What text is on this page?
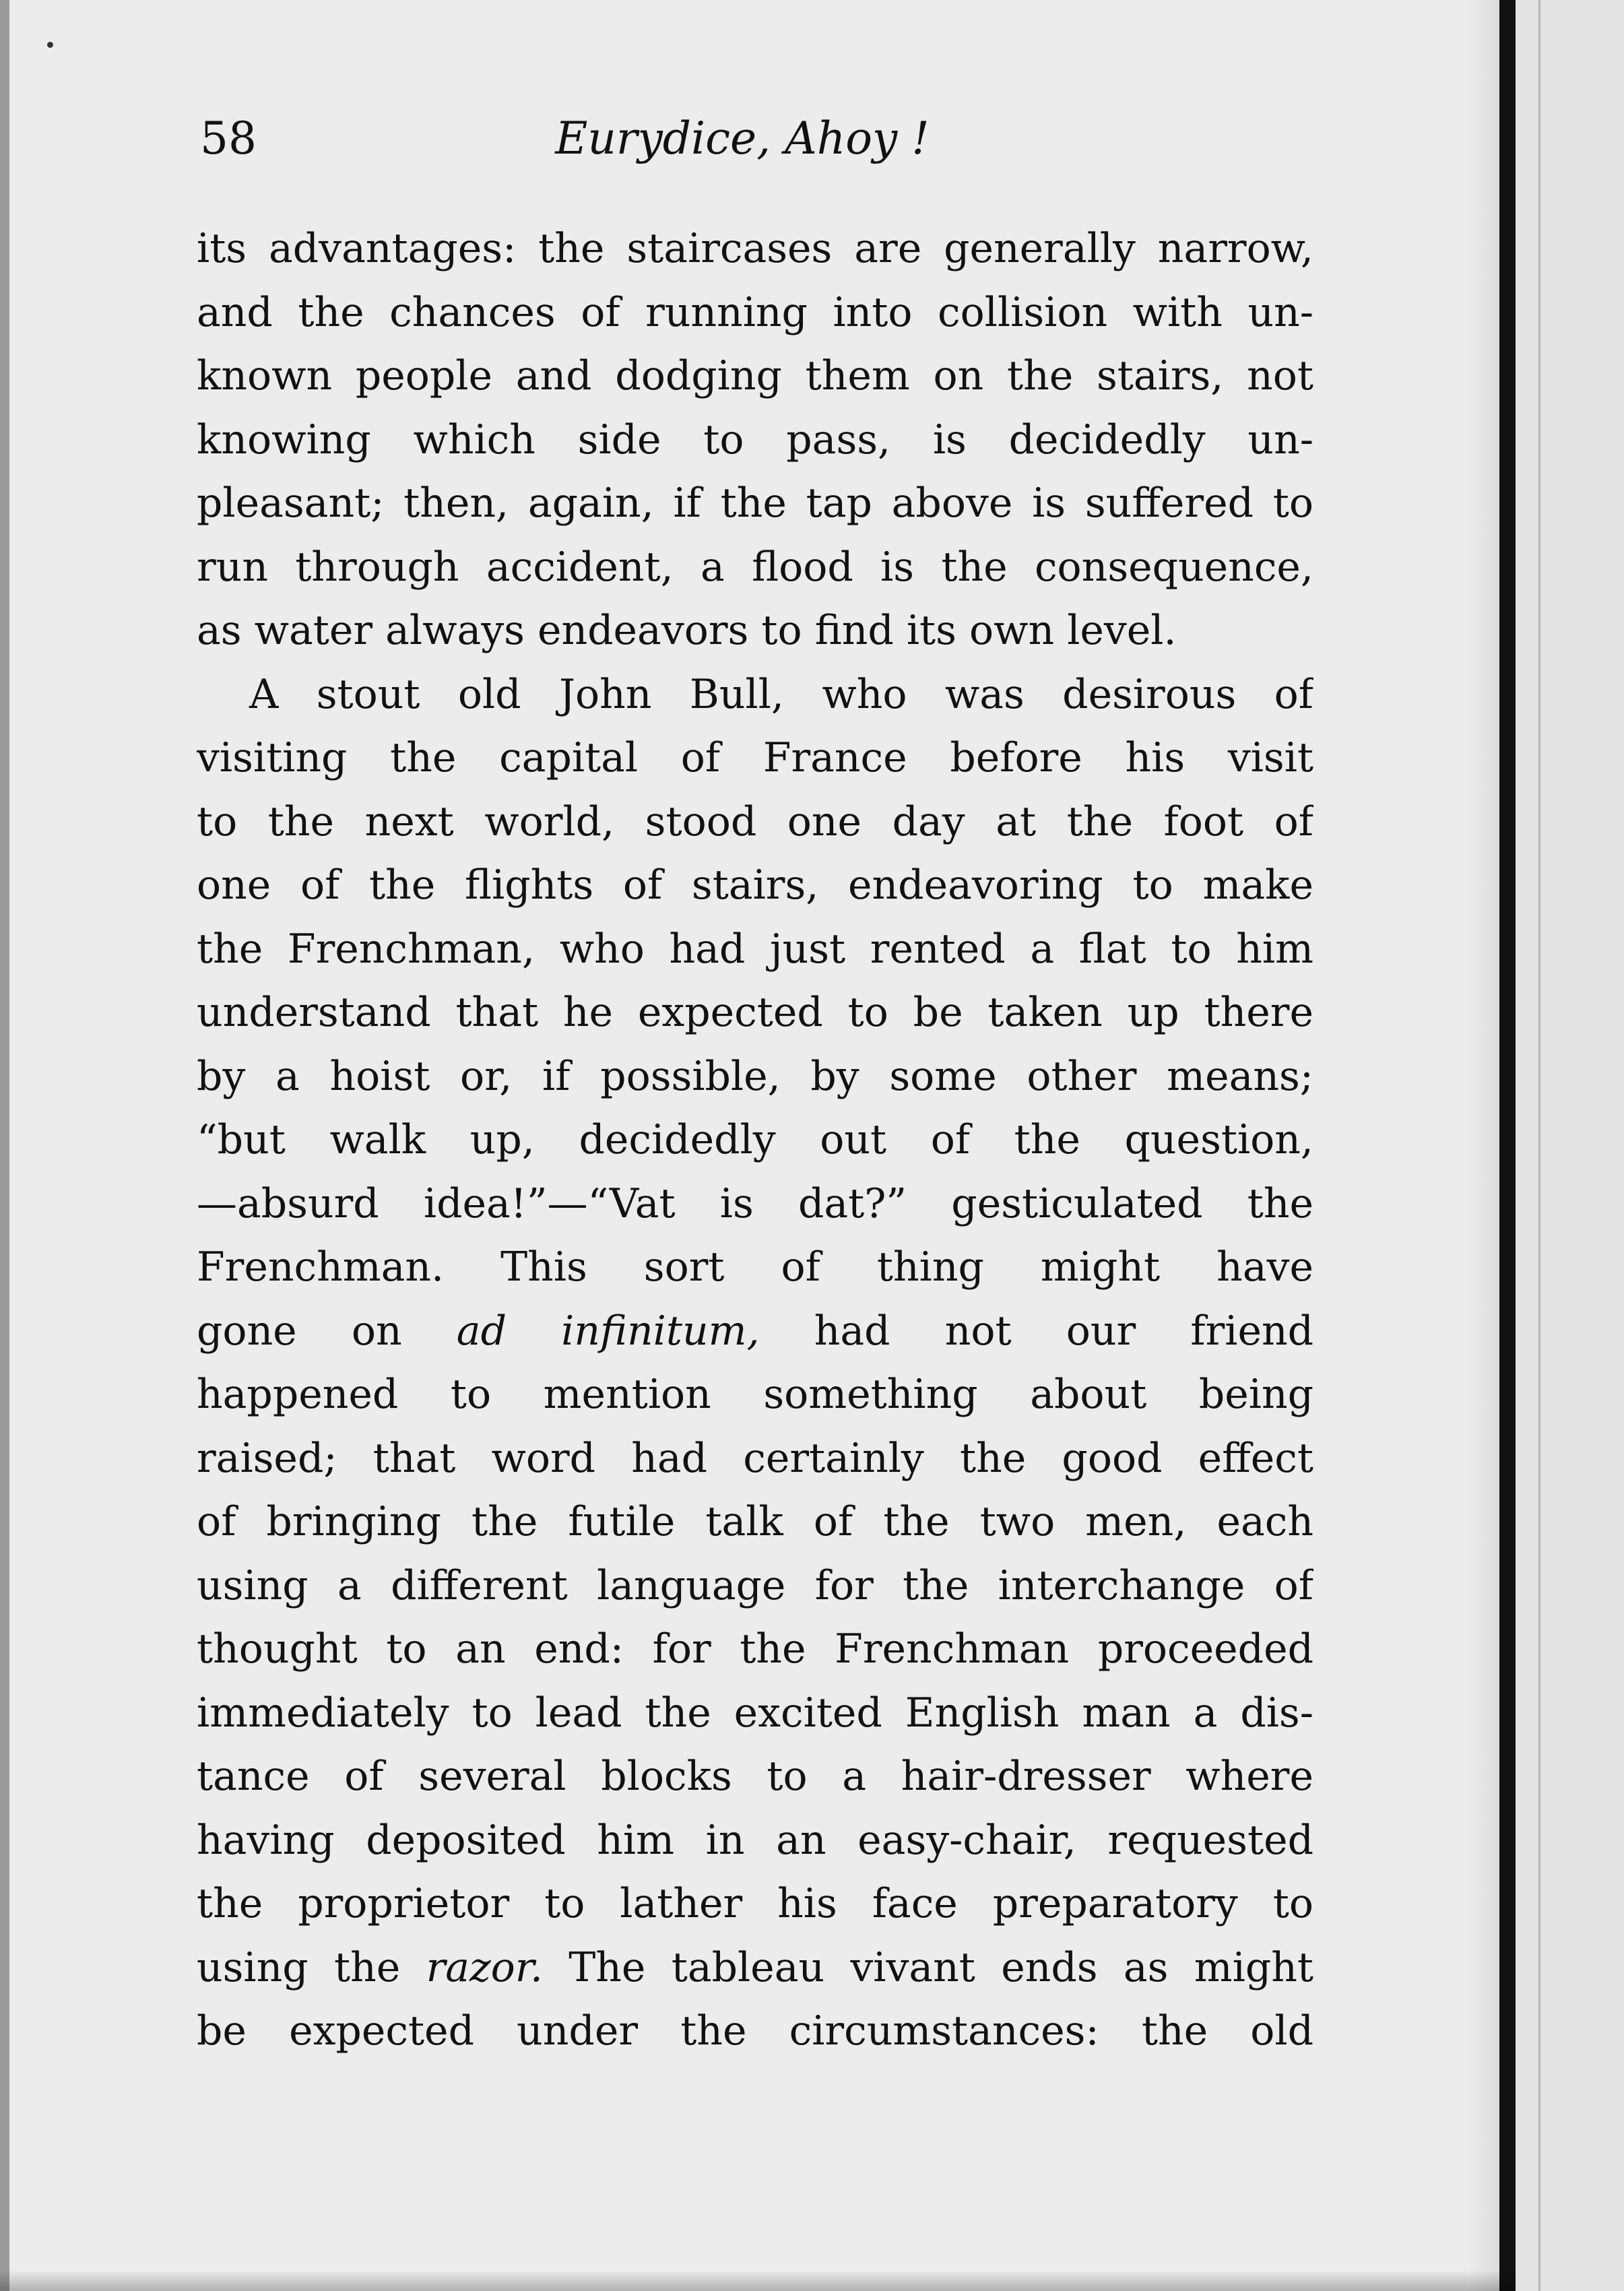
58	Eurydice, Ahoy !
its advantages: the staircases are generally narrow,
and the chances of running into collision with un-
known people and dodging them on the stairs, not
knowing which side to pass, is decidedly un-
pleasant; then, again, if the tap above is suffered to
run through accident, a flood is the consequence,
as water always endeavors to find its own level.
A stout old John Bull, who was desirous of
visiting the capital of France before his visit
to the next world, stood one day at the foot of
one of the flights of stairs, endeavoring to make
the Frenchman, who had just rented a flat to him
understand that he expected to be taken up there
by a hoist or, if possible, by some other means;
“but walk up, decidedly out of the question,
—absurd idea!”—“Vat is dat?” gesticulated the
Frenchman. This sort of thing might have
gone on ad infinitum, had not our friend
happened to mention something about being
raised; that word had certainly the good effect
of bringing the futile talk of the two men, each
using a different language for the interchange of
thought to an end: for the Frenchman proceeded
immediately to lead the excited English man a dis-
tance of several blocks to a hair-dresser where
having deposited him in an easy-chair, requested
the proprietor to lather his face preparatory to
using the razor. The tableau vivant ends as might
be expected under the circumstances: the old
